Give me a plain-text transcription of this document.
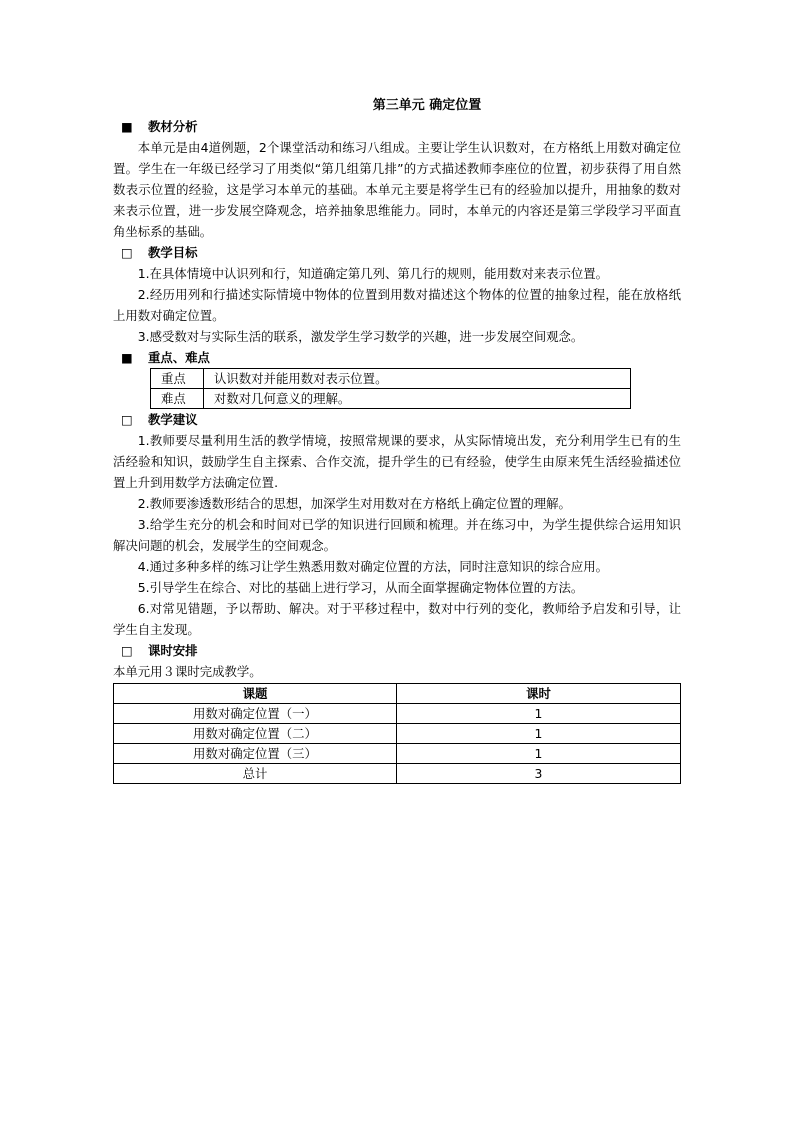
第三单元 确定位置
■ 教材分析

本单元是由4道例题，2个课堂活动和练习八组成。主要让学生认识数对，在方格纸上用数对确定位置。学生在一年级已经学习了用类似“第几组第几排”的方式描述教师李座位的位置，初步获得了用自然数表示位置的经验，这是学习本单元的基础。本单元主要是将学生已有的经验加以提升，用抽象的数对来表示位置，进一步发展空降观念，培养抽象思维能力。同时，本单元的内容还是第三学段学习平面直角坐标系的基础。

□ 教学目标

1.在具体情境中认识列和行，知道确定第几列、第几行的规则，能用数对来表示位置。

2.经历用列和行描述实际情境中物体的位置到用数对描述这个物体的位置的抽象过程，能在放格纸上用数对确定位置。

3.感受数对与实际生活的联系，激发学生学习数学的兴趣，进一步发展空间观念。

■ 重点、难点
重点	认识数对并能用数对表示位置。
难点	对数对几何意义的理解。
□ 教学建议

1.教师要尽量利用生活的教学情境，按照常规课的要求，从实际情境出发，充分利用学生已有的生活经验和知识，鼓励学生自主探索、合作交流，提升学生的已有经验，使学生由原来凭生活经验描述位置上升到用数学方法确定位置.

2.教师要渗透数形结合的思想，加深学生对用数对在方格纸上确定位置的理解。

3.给学生充分的机会和时间对已学的知识进行回顾和梳理。并在练习中，为学生提供综合运用知识解决问题的机会，发展学生的空间观念。

4.通过多种多样的练习让学生熟悉用数对确定位置的方法，同时注意知识的综合应用。

5.引导学生在综合、对比的基础上进行学习，从而全面掌握确定物体位置的方法。

6.对常见错题，予以帮助、解决。对于平移过程中，数对中行列的变化，教师给予启发和引导，让学生自主发现。

□ 课时安排

本单元用３课时完成教学。

课题	课时
用数对确定位置（一）	1
用数对确定位置（二）	1
用数对确定位置（三）	1
总计	3
